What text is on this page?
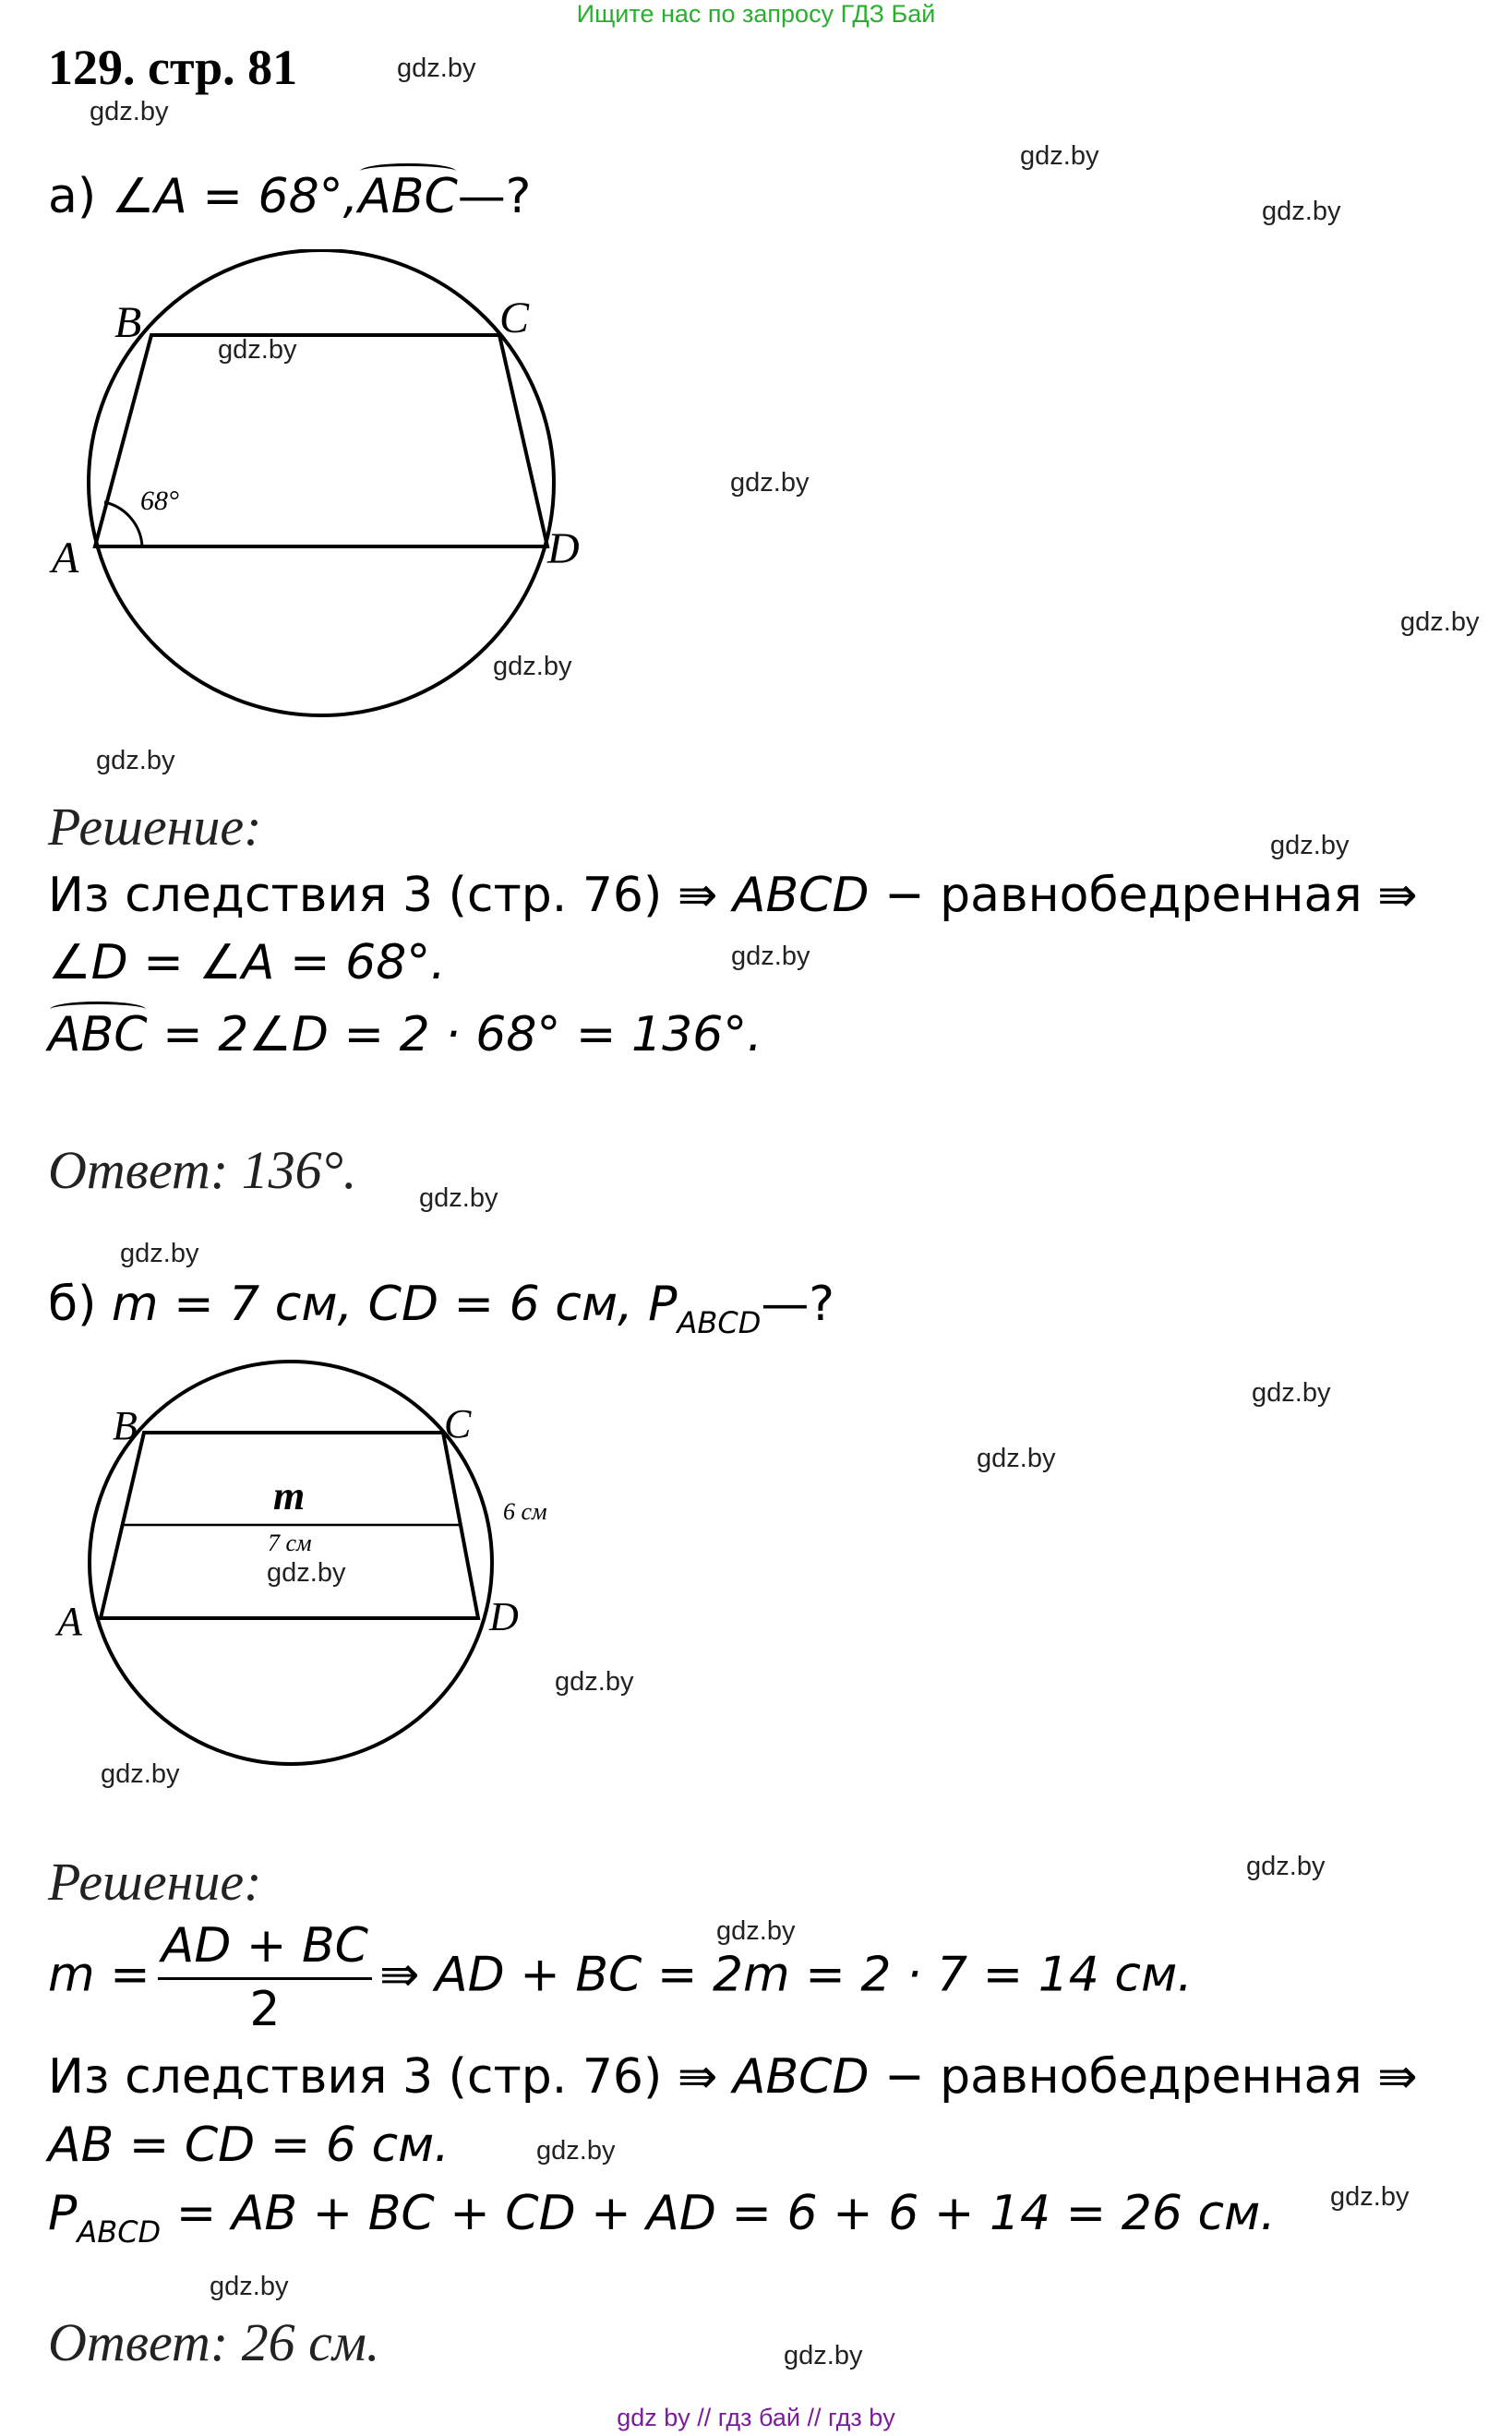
Ищите нас по запросу ГДЗ Бай
129. стр. 81	gdz.by
gdz.by
gdz.by
gdz.by
gdz.by
gdz.by
gdz.by
gdz.by
gdz.by
gdz.by
gdz.by
gdz.by
gdz.by
gdz.by
gdz.by
gdz.by
gdz.by
gdz.by
gdz.by
gdz.by
gdz.by
gdz.by
gdz.by
gdz.by
а) ∠A = 68°,ABC—?
B	C
A	D
68°
Решение:
Из следствия 3 (стр. 76) ⇛ ABCD − равнобедренная ⇛
∠D = ∠A = 68°.
ABC = 2∠D = 2 · 68° = 136°.
Ответ: 136°.
б) m = 7 см, CD = 6 см, $P_{ABCD}—$?
B	C
A	D
m
7 см
6 см
Решение:
$m = \frac{AD + BC}{2}$ ⇛ AD + BC = 2m = 2 · 7 = 14 см.
Из следствия 3 (стр. 76) ⇛ ABCD − равнобедренная ⇛
AB = CD = 6 см.
$P_{ABCD}$ = AB + BC + CD + AD = 6 + 6 + 14 = 26 см.
Ответ: 26 см.
gdz by // гдз бай // гдз by
